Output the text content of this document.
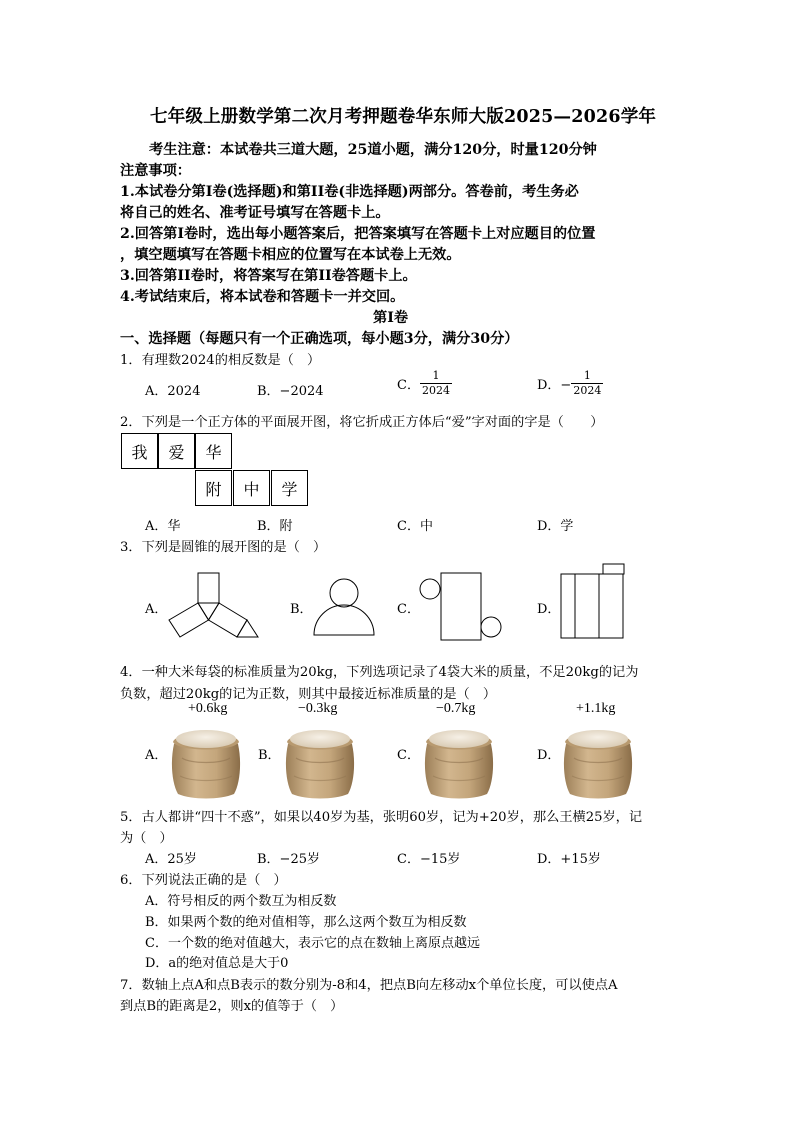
七年级上册数学第二次月考押题卷华东师大版2025—2026学年
考生注意：本试卷共三道大题，25道小题，满分120分，时量120分钟
注意事项：
1.本试卷分第Ⅰ卷(选择题)和第II卷(非选择题)两部分。答卷前，考生务必
将自己的姓名、准考证号填写在答题卡上。
2.回答第Ⅰ卷时，选出每小题答案后，把答案填写在答题卡上对应题目的位置
，填空题填写在答题卡相应的位置写在本试卷上无效。
3.回答第II卷时，将答案写在第II卷答题卡上。
4.考试结束后，将本试卷和答题卡一并交回。
第Ⅰ卷
一、选择题（每题只有一个正确选项，每小题3分，满分30分）
1．有理数2024的相反数是（　）
A．2024	B．−2024	C． $\frac{1}{2024}$	D．− $\frac{1}{2024}$
2．下列是一个正方体的平面展开图，将它折成正方体后“爱”字对面的字是（　　）
我	爱	华
附	中	学
A．华	B．附	C．中	D．学
3．下列是圆锥的展开图的是（　）
A．	B．	C．	D．
4．一种大米每袋的标准质量为20kg，下列选项记录了4袋大米的质量，不足20kg的记为
负数，超过20kg的记为正数，则其中最接近标准质量的是（　）
+0.6kg	−0.3kg	−0.7kg	+1.1kg
A．	B．	C．	D．
5．古人都讲“四十不惑”，如果以40岁为基，张明60岁，记为+20岁，那么王横25岁，记
为（　）
A．25岁	B．−25岁	C．−15岁	D．+15岁
6．下列说法正确的是（　）
A．符号相反的两个数互为相反数
B．如果两个数的绝对值相等，那么这两个数互为相反数
C．一个数的绝对值越大，表示它的点在数轴上离原点越远
D．a的绝对值总是大于0
7．数轴上点A和点B表示的数分别为-8和4，把点B向左移动x个单位长度，可以使点A
到点B的距离是2，则x的值等于（　）
